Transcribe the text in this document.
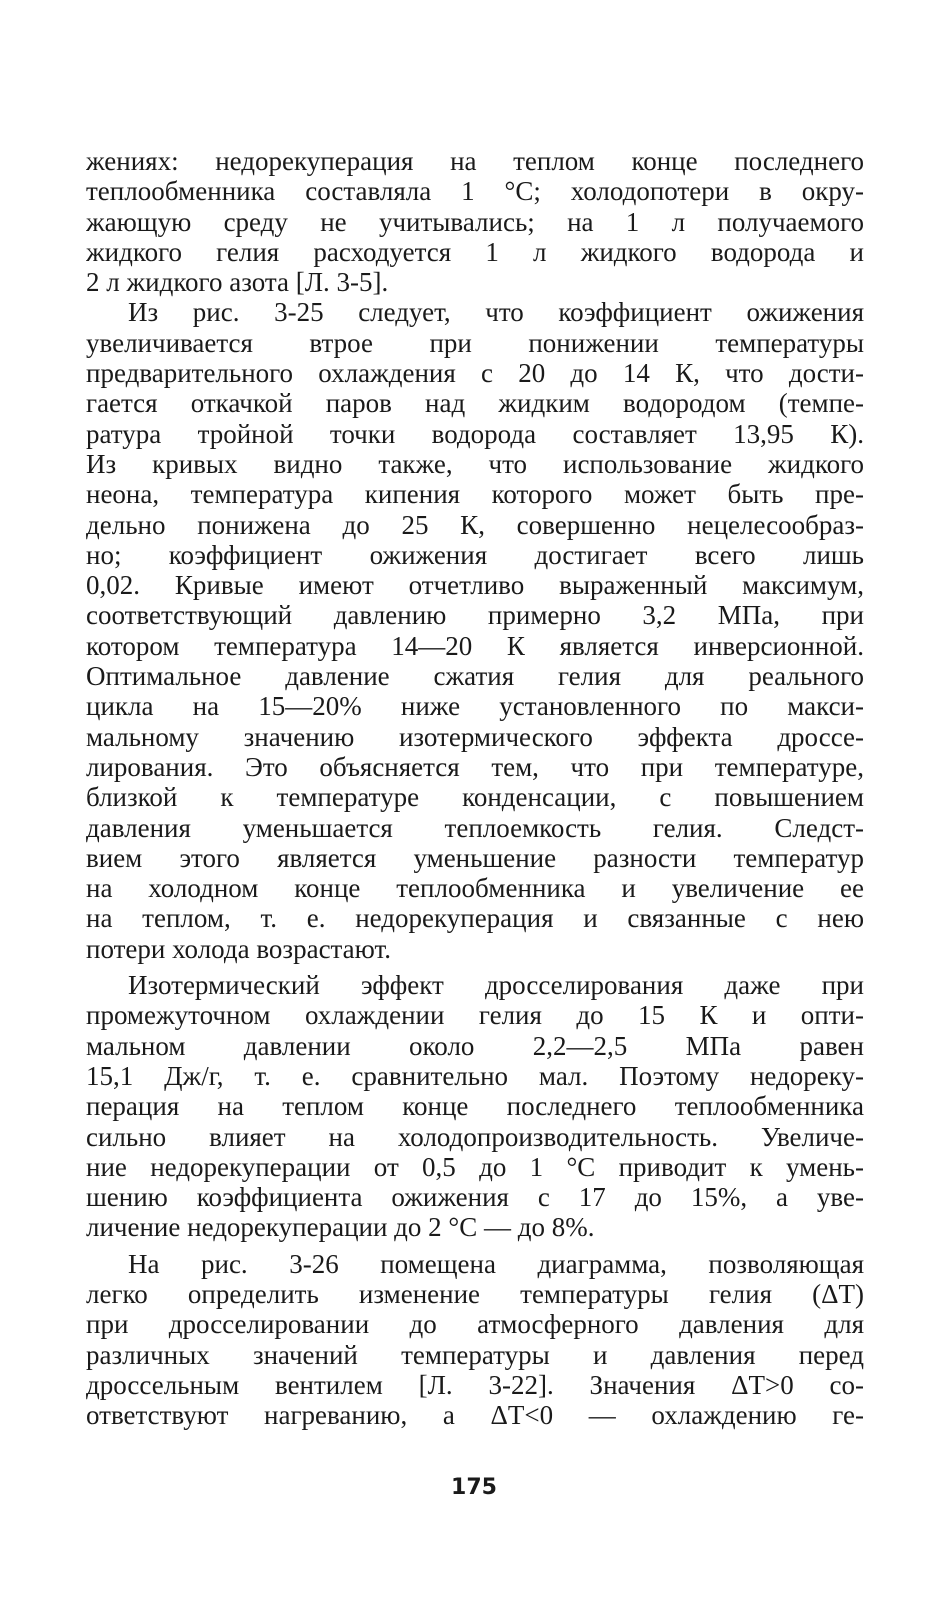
жениях: недорекуперация на теплом конце последнего
теплообменника составляла 1 °С; холодопотери в окру-
жающую среду не учитывались; на 1 л получаемого
жидкого гелия расходуется 1 л жидкого водорода и
2 л жидкого азота [Л. 3-5].
Из рис. 3-25 следует, что коэффициент ожижения
увеличивается втрое при понижении температуры
предварительного охлаждения с 20 до 14 К, что дости-
гается откачкой паров над жидким водородом (темпе-
ратура тройной точки водорода составляет 13,95 К).
Из кривых видно также, что использование жидкого
неона, температура кипения которого может быть пре-
дельно понижена до 25 К, совершенно нецелесообраз-
но; коэффициент ожижения достигает всего лишь
0,02. Кривые имеют отчетливо выраженный максимум,
соответствующий давлению примерно 3,2 МПа, при
котором температура 14—20 К является инверсионной.
Оптимальное давление сжатия гелия для реального
цикла на 15—20% ниже установленного по макси-
мальному значению изотермического эффекта дроссе-
лирования. Это объясняется тем, что при температуре,
близкой к температуре конденсации, с повышением
давления уменьшается теплоемкость гелия. Следст-
вием этого является уменьшение разности температур
на холодном конце теплообменника и увеличение ее
на теплом, т. е. недорекуперация и связанные с нею
потери холода возрастают.
Изотермический эффект дросселирования даже при
промежуточном охлаждении гелия до 15 К и опти-
мальном давлении около 2,2—2,5 МПа равен
15,1 Дж/г, т. е. сравнительно мал. Поэтому недореку-
перация на теплом конце последнего теплообменника
сильно влияет на холодопроизводительность. Увеличе-
ние недорекуперации от 0,5 до 1 °С приводит к умень-
шению коэффициента ожижения с 17 до 15%, а уве-
личение недорекуперации до 2 °С — до 8%.
На рис. 3-26 помещена диаграмма, позволяющая
легко определить изменение температуры гелия (ΔT)
при дросселировании до атмосферного давления для
различных значений температуры и давления перед
дроссельным вентилем [Л. 3-22]. Значения ΔT>0 со-
ответствуют нагреванию, а ΔT<0 — охлаждению ге-
175
